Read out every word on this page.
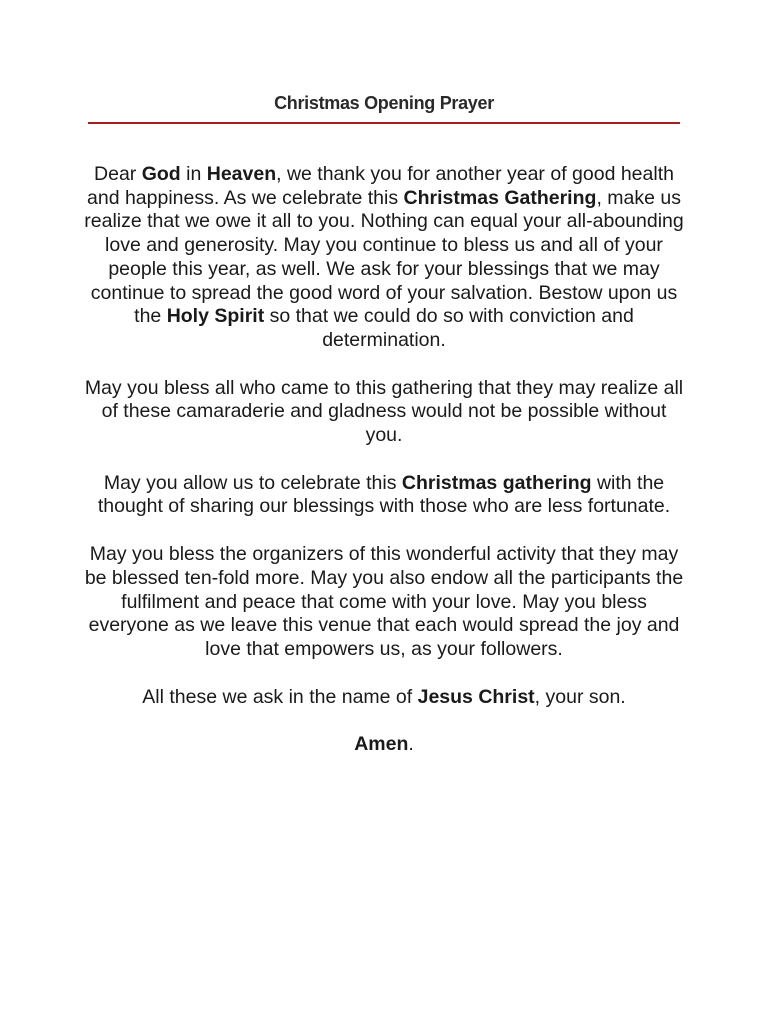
Christmas Opening Prayer

Dear God in Heaven, we thank you for another year of good health and happiness. As we celebrate this Christmas Gathering, make us realize that we owe it all to you. Nothing can equal your all-abounding love and generosity. May you continue to bless us and all of your people this year, as well. We ask for your blessings that we may continue to spread the good word of your salvation. Bestow upon us the Holy Spirit so that we could do so with conviction and determination.

May you bless all who came to this gathering that they may realize all of these camaraderie and gladness would not be possible without you.

May you allow us to celebrate this Christmas gathering with the thought of sharing our blessings with those who are less fortunate.

May you bless the organizers of this wonderful activity that they may be blessed ten-fold more. May you also endow all the participants the fulfilment and peace that come with your love. May you bless everyone as we leave this venue that each would spread the joy and love that empowers us, as your followers.

All these we ask in the name of Jesus Christ, your son.

Amen.
